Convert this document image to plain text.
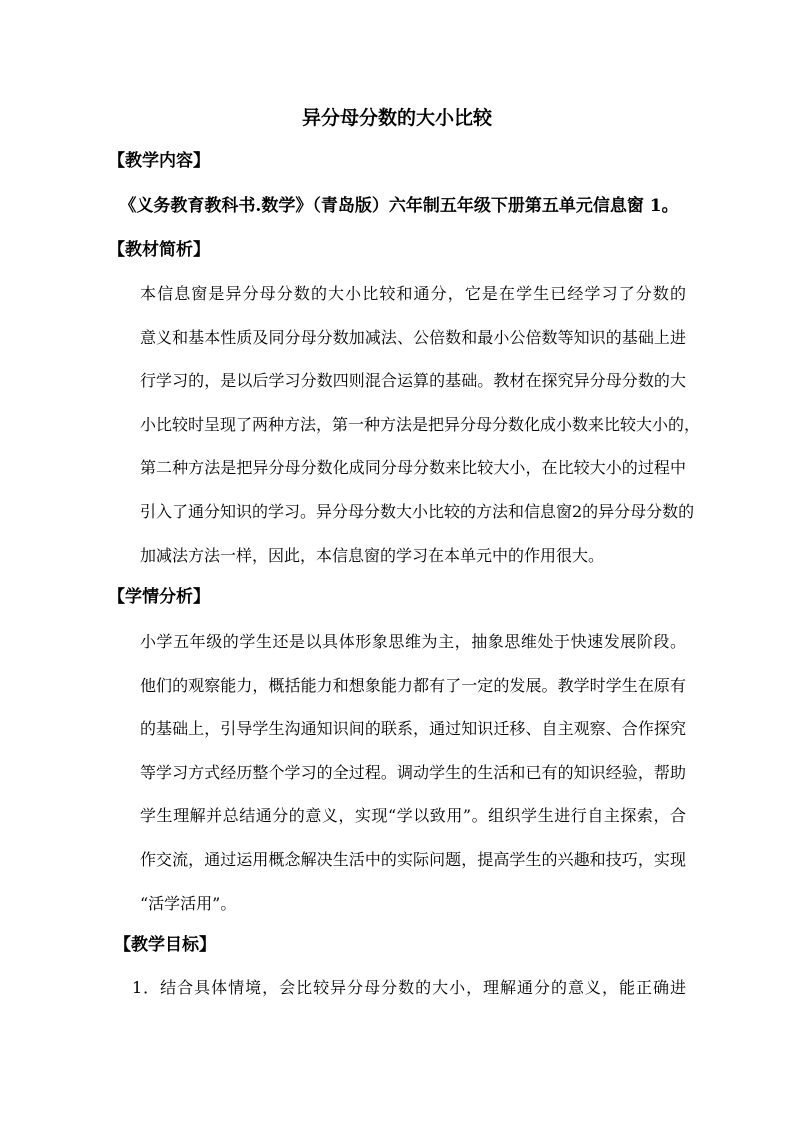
异分母分数的大小比较
【教学内容】
《义务教育教科书.数学》（青岛版）六年制五年级下册第五单元信息窗 1。
【教材简析】
本信息窗是异分母分数的大小比较和通分，它是在学生已经学习了分数的
意义和基本性质及同分母分数加减法、公倍数和最小公倍数等知识的基础上进
行学习的，是以后学习分数四则混合运算的基础。教材在探究异分母分数的大
小比较时呈现了两种方法，第一种方法是把异分母分数化成小数来比较大小的，
第二种方法是把异分母分数化成同分母分数来比较大小，在比较大小的过程中
引入了通分知识的学习。异分母分数大小比较的方法和信息窗2的异分母分数的
加减法方法一样，因此，本信息窗的学习在本单元中的作用很大。
【学情分析】
小学五年级的学生还是以具体形象思维为主，抽象思维处于快速发展阶段。
他们的观察能力，概括能力和想象能力都有了一定的发展。教学时学生在原有
的基础上，引导学生沟通知识间的联系，通过知识迁移、自主观察、合作探究
等学习方式经历整个学习的全过程。调动学生的生活和已有的知识经验，帮助
学生理解并总结通分的意义，实现“学以致用”。组织学生进行自主探索，合
作交流，通过运用概念解决生活中的实际问题，提高学生的兴趣和技巧，实现
“活学活用”。
【教学目标】
1．结合具体情境，会比较异分母分数的大小，理解通分的意义，能正确进
